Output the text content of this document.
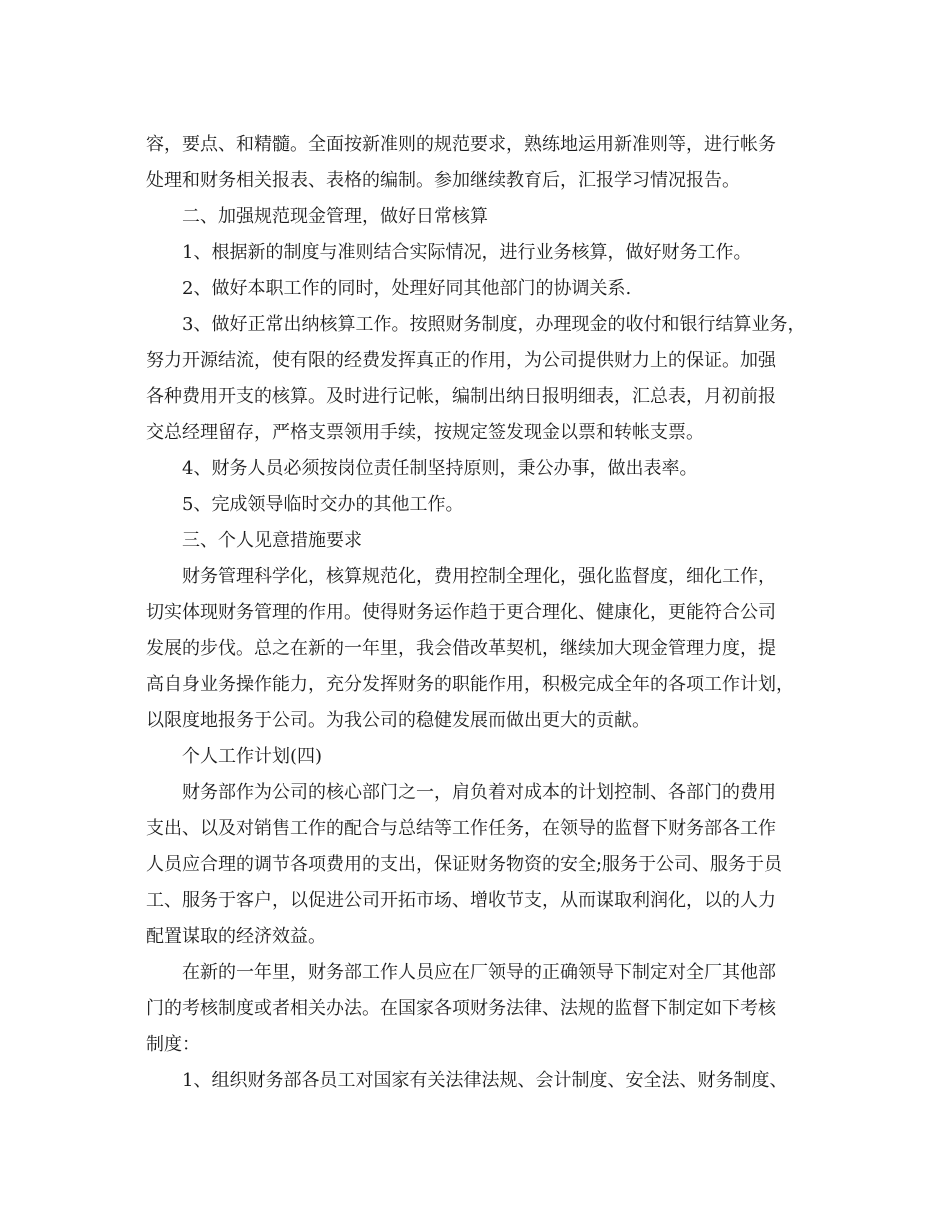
容，要点、和精髓。全面按新准则的规范要求，熟练地运用新准则等，进行帐务
处理和财务相关报表、表格的编制。参加继续教育后，汇报学习情况报告。
二、加强规范现金管理，做好日常核算
1、根据新的制度与准则结合实际情况，进行业务核算，做好财务工作。
2、做好本职工作的同时，处理好同其他部门的协调关系.
3、做好正常出纳核算工作。按照财务制度，办理现金的收付和银行结算业务，
努力开源结流，使有限的经费发挥真正的作用，为公司提供财力上的保证。加强
各种费用开支的核算。及时进行记帐，编制出纳日报明细表，汇总表，月初前报
交总经理留存，严格支票领用手续，按规定签发现金以票和转帐支票。
4、财务人员必须按岗位责任制坚持原则，秉公办事，做出表率。
5、完成领导临时交办的其他工作。
三、个人见意措施要求
财务管理科学化，核算规范化，费用控制全理化，强化监督度，细化工作，
切实体现财务管理的作用。使得财务运作趋于更合理化、健康化，更能符合公司
发展的步伐。总之在新的一年里，我会借改革契机，继续加大现金管理力度，提
高自身业务操作能力，充分发挥财务的职能作用，积极完成全年的各项工作计划，
以限度地报务于公司。为我公司的稳健发展而做出更大的贡献。
个人工作计划(四)
财务部作为公司的核心部门之一，肩负着对成本的计划控制、各部门的费用
支出、以及对销售工作的配合与总结等工作任务，在领导的监督下财务部各工作
人员应合理的调节各项费用的支出，保证财务物资的安全;服务于公司、服务于员
工、服务于客户，以促进公司开拓市场、增收节支，从而谋取利润化，以的人力
配置谋取的经济效益。
在新的一年里，财务部工作人员应在厂领导的正确领导下制定对全厂其他部
门的考核制度或者相关办法。在国家各项财务法律、法规的监督下制定如下考核
制度：
1、组织财务部各员工对国家有关法律法规、会计制度、安全法、财务制度、
